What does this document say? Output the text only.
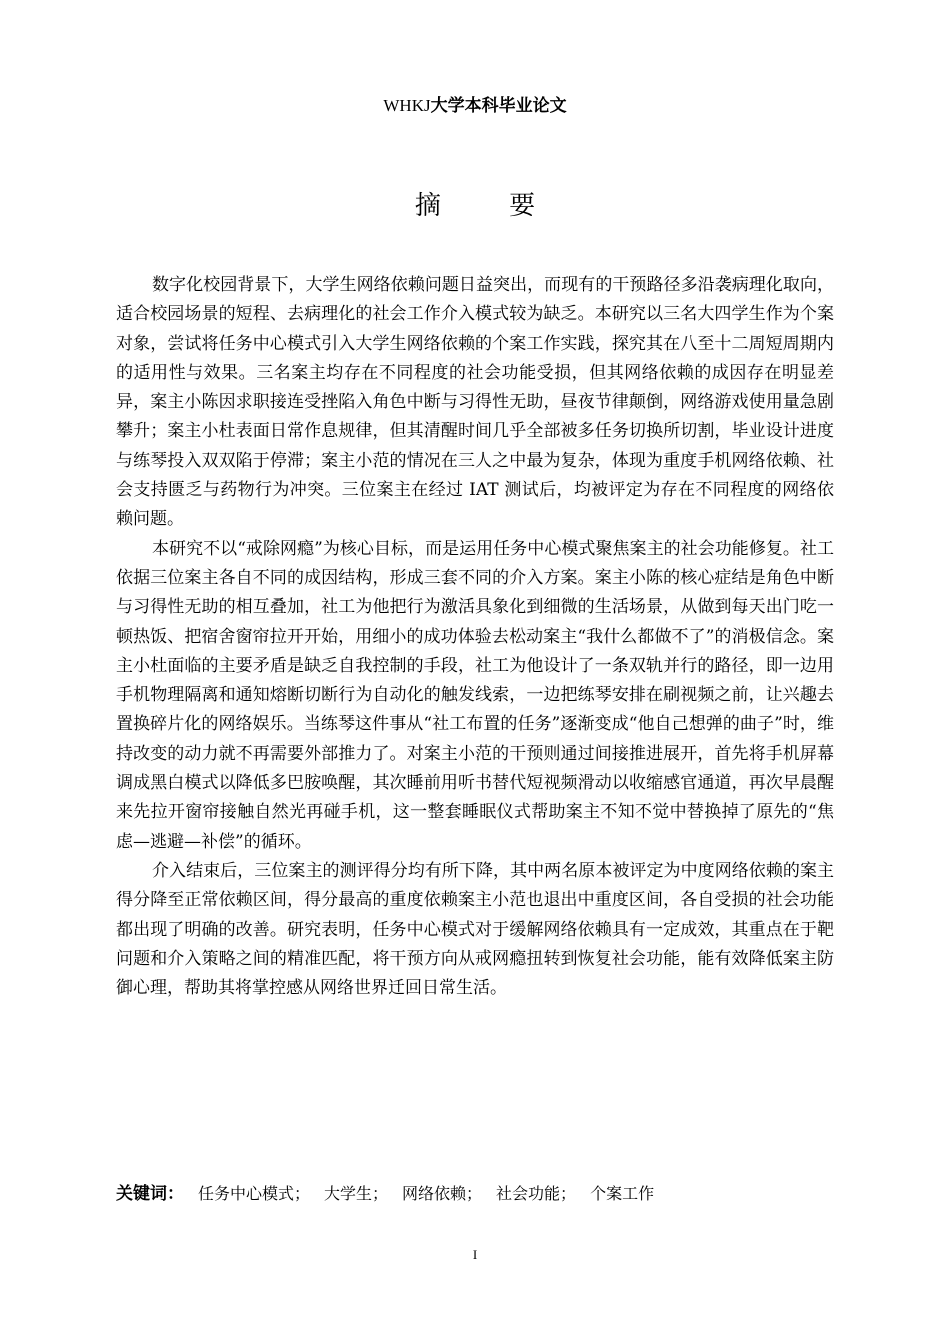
WHKJ大学本科毕业论文
摘 要

数字化校园背景下，大学生网络依赖问题日益突出，而现有的干预路径多沿袭病理化取向，适合校园场景的短程、去病理化的社会工作介入模式较为缺乏。本研究以三名大四学生作为个案对象，尝试将任务中心模式引入大学生网络依赖的个案工作实践，探究其在八至十二周短周期内的适用性与效果。三名案主均存在不同程度的社会功能受损，但其网络依赖的成因存在明显差异，案主小陈因求职接连受挫陷入角色中断与习得性无助，昼夜节律颠倒，网络游戏使用量急剧攀升；案主小杜表面日常作息规律，但其清醒时间几乎全部被多任务切换所切割，毕业设计进度与练琴投入双双陷于停滞；案主小范的情况在三人之中最为复杂，体现为重度手机网络依赖、社会支持匮乏与药物行为冲突。三位案主在经过 IAT 测试后，均被评定为存在不同程度的网络依赖问题。

本研究不以“戒除网瘾”为核心目标，而是运用任务中心模式聚焦案主的社会功能修复。社工依据三位案主各自不同的成因结构，形成三套不同的介入方案。案主小陈的核心症结是角色中断与习得性无助的相互叠加，社工为他把行为激活具象化到细微的生活场景，从做到每天出门吃一顿热饭、把宿舍窗帘拉开开始，用细小的成功体验去松动案主“我什么都做不了”的消极信念。案主小杜面临的主要矛盾是缺乏自我控制的手段，社工为他设计了一条双轨并行的路径，即一边用手机物理隔离和通知熔断切断行为自动化的触发线索，一边把练琴安排在刷视频之前，让兴趣去置换碎片化的网络娱乐。当练琴这件事从“社工布置的任务”逐渐变成“他自己想弹的曲子”时，维持改变的动力就不再需要外部推力了。对案主小范的干预则通过间接推进展开，首先将手机屏幕调成黑白模式以降低多巴胺唤醒，其次睡前用听书替代短视频滑动以收缩感官通道，再次早晨醒来先拉开窗帘接触自然光再碰手机，这一整套睡眠仪式帮助案主不知不觉中替换掉了原先的“焦虑—逃避—补偿”的循环。

介入结束后，三位案主的测评得分均有所下降，其中两名原本被评定为中度网络依赖的案主得分降至正常依赖区间，得分最高的重度依赖案主小范也退出中重度区间，各自受损的社会功能都出现了明确的改善。研究表明，任务中心模式对于缓解网络依赖具有一定成效，其重点在于靶问题和介入策略之间的精准匹配，将干预方向从戒网瘾扭转到恢复社会功能，能有效降低案主防御心理，帮助其将掌控感从网络世界迁回日常生活。

关键词： 任务中心模式； 大学生； 网络依赖； 社会功能； 个案工作
I
